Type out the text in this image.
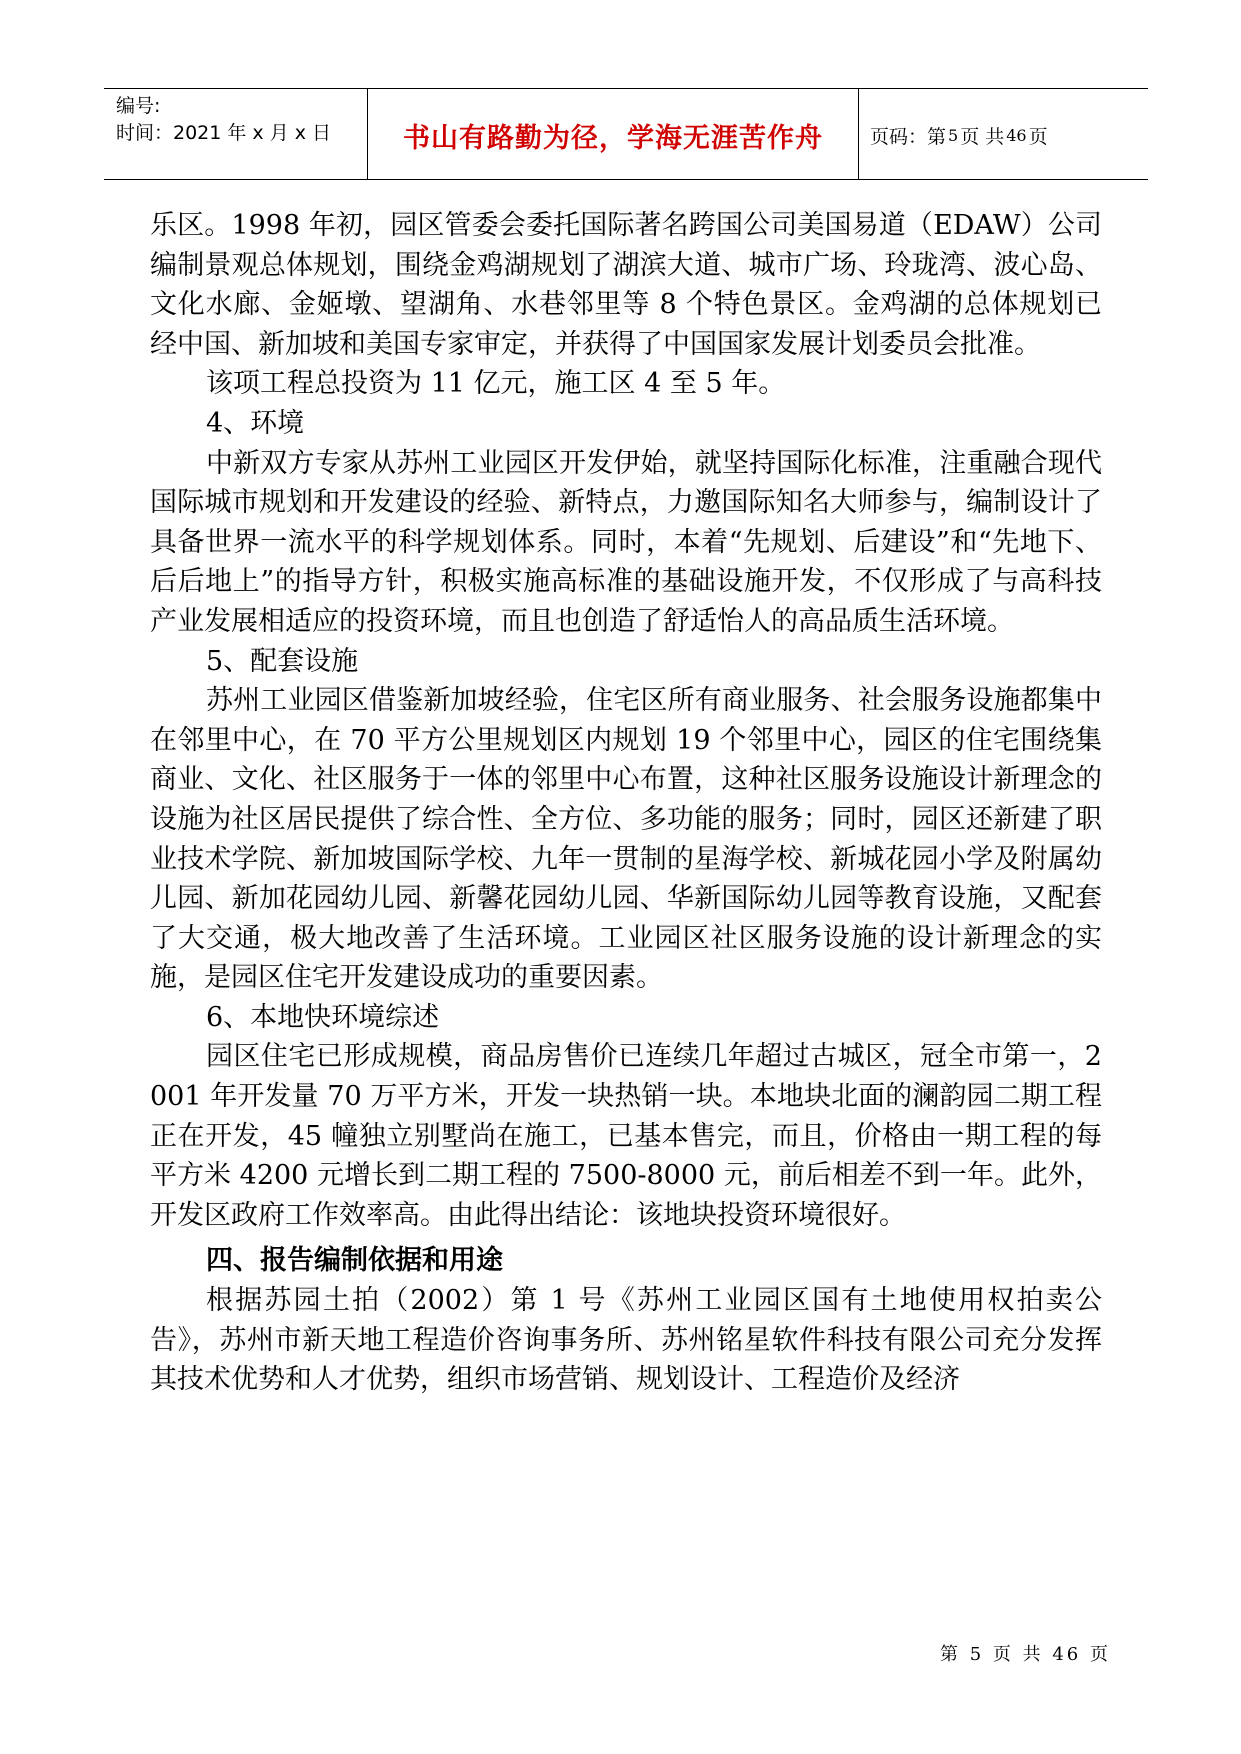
编号:
时间：2021 年 x 月 x 日	书山有路勤为径，学海无涯苦作舟	页码：第 5 页 共 46 页

乐区。1998 年初，园区管委会委托国际著名跨国公司美国易道（EDAW）公司编制景观总体规划，围绕金鸡湖规划了湖滨大道、城市广场、玲珑湾、波心岛、文化水廊、金姬墩、望湖角、水巷邻里等 8 个特色景区。金鸡湖的总体规划已经中国、新加坡和美国专家审定，并获得了中国国家发展计划委员会批准。

该项工程总投资为 11 亿元，施工区 4 至 5 年。

4、环境

中新双方专家从苏州工业园区开发伊始，就坚持国际化标准，注重融合现代国际城市规划和开发建设的经验、新特点，力邀国际知名大师参与，编制设计了具备世界一流水平的科学规划体系。同时，本着“先规划、后建设”和“先地下、后后地上”的指导方针，积极实施高标准的基础设施开发，不仅形成了与高科技产业发展相适应的投资环境，而且也创造了舒适怡人的高品质生活环境。

5、配套设施

苏州工业园区借鉴新加坡经验，住宅区所有商业服务、社会服务设施都集中在邻里中心，在 70 平方公里规划区内规划 19 个邻里中心，园区的住宅围绕集商业、文化、社区服务于一体的邻里中心布置，这种社区服务设施设计新理念的设施为社区居民提供了综合性、全方位、多功能的服务；同时，园区还新建了职业技术学院、新加坡国际学校、九年一贯制的星海学校、新城花园小学及附属幼儿园、新加花园幼儿园、新馨花园幼儿园、华新国际幼儿园等教育设施，又配套了大交通，极大地改善了生活环境。工业园区社区服务设施的设计新理念的实施，是园区住宅开发建设成功的重要因素。

6、本地快环境综述

园区住宅已形成规模，商品房售价已连续几年超过古城区，冠全市第一，2001 年开发量 70 万平方米，开发一块热销一块。本地块北面的澜韵园二期工程正在开发，45 幢独立别墅尚在施工，已基本售完，而且，价格由一期工程的每平方米 4200 元增长到二期工程的 7500-8000 元，前后相差不到一年。此外，开发区政府工作效率高。由此得出结论：该地块投资环境很好。

四、报告编制依据和用途

根据苏园土拍（2002）第 1 号《苏州工业园区国有土地使用权拍卖公告》，苏州市新天地工程造价咨询事务所、苏州铭星软件科技有限公司充分发挥其技术优势和人才优势，组织市场营销、规划设计、工程造价及经济

第 5 页 共 46 页
